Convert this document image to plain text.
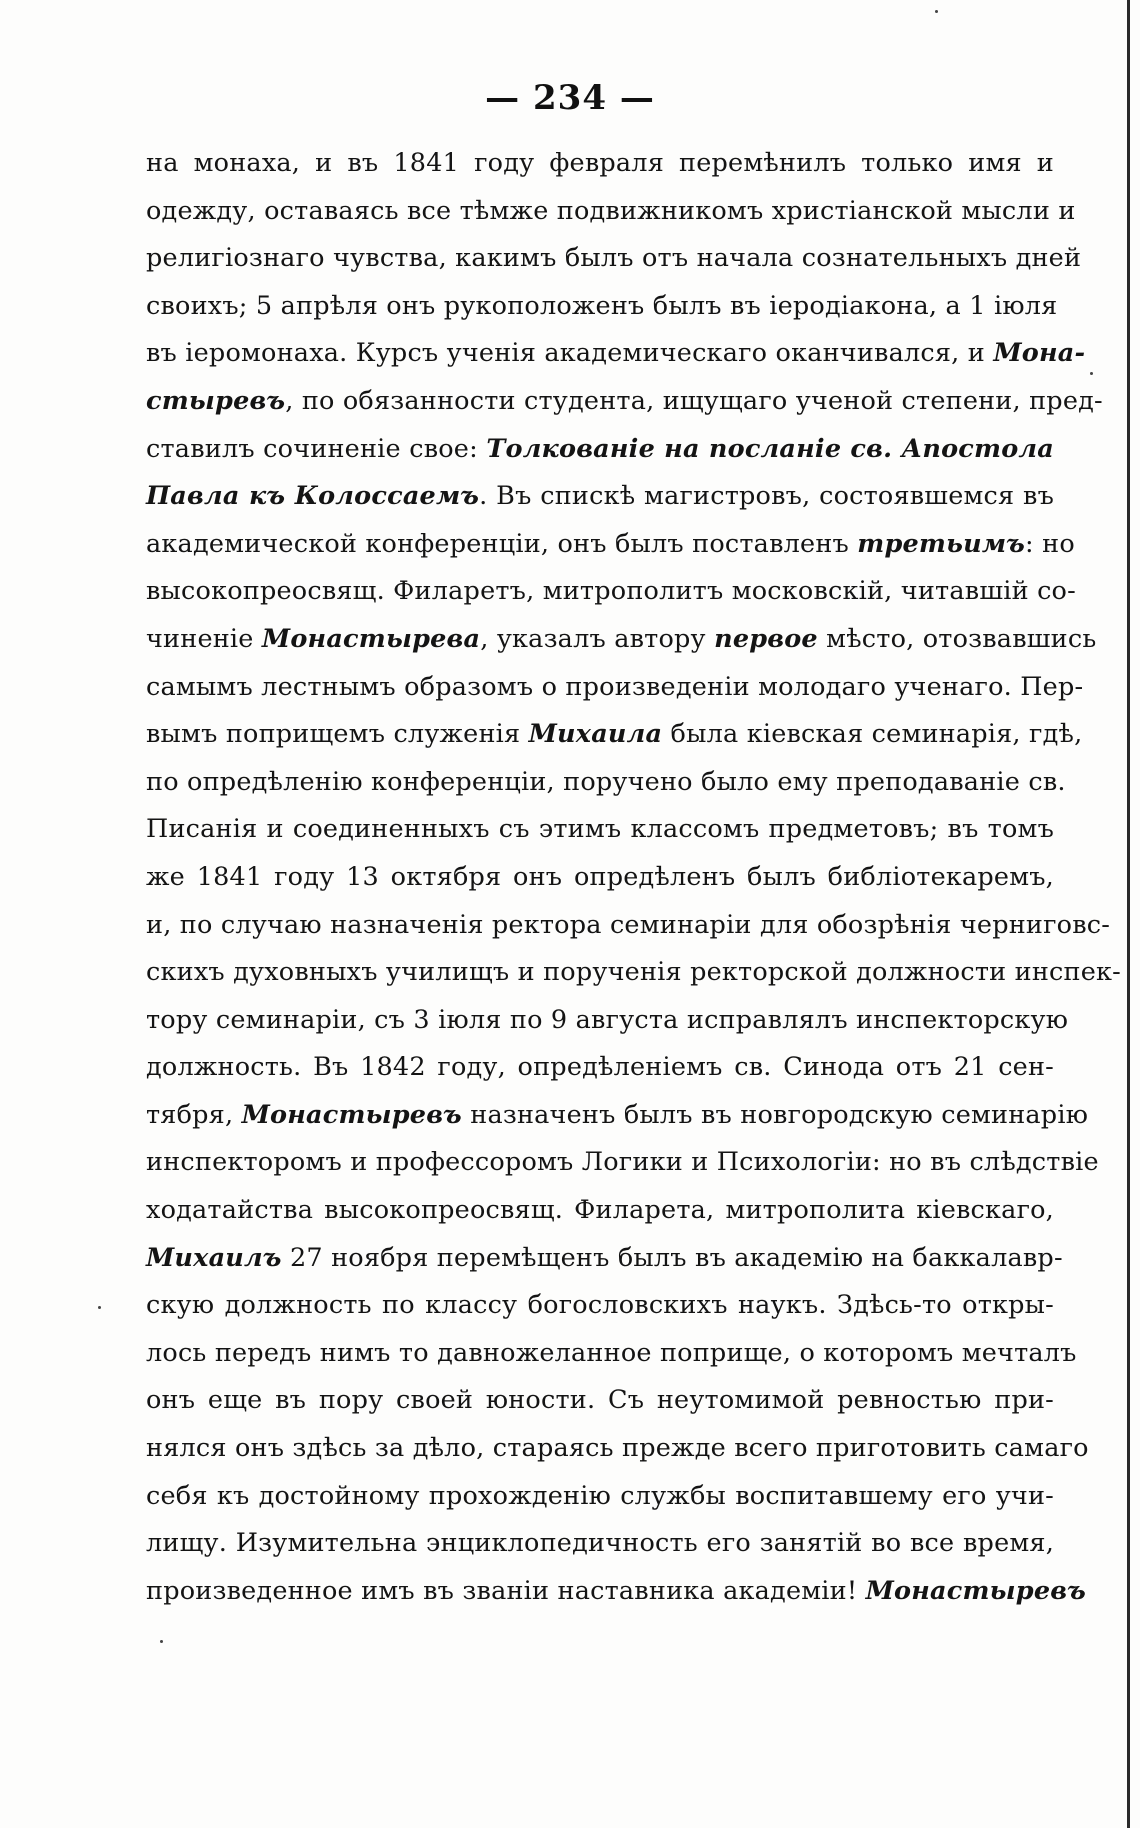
— 234 —
на монаха, и въ 1841 году февраля перемѣнилъ только имя и
одежду, оставаясь все тѣмже подвижникомъ христіанской мысли и
религіознаго чувства, какимъ былъ отъ начала сознательныхъ дней
своихъ; 5 апрѣля онъ рукоположенъ былъ въ іеродіакона, а 1 іюля
въ іеромонаха. Курсъ ученія академическаго оканчивался, и Мона-
стыревъ, по обязанности студента, ищущаго ученой степени, пред-
ставилъ сочиненіе свое: Толкованіе на посланіе св. Апостола
Павла къ Колоссаемъ. Въ спискѣ магистровъ, состоявшемся въ
академической конференціи, онъ былъ поставленъ третьимъ: но
высокопреосвящ. Филаретъ, митрополитъ московскій, читавшій со-
чиненіе Монастырева, указалъ автору первое мѣсто, отозвавшись
самымъ лестнымъ образомъ о произведеніи молодаго ученаго. Пер-
вымъ поприщемъ служенія Михаила была кіевская семинарія, гдѣ,
по опредѣленію конференціи, поручено было ему преподаваніе св.
Писанія и соединенныхъ съ этимъ классомъ предметовъ; въ томъ
же 1841 году 13 октября онъ опредѣленъ былъ библіотекаремъ,
и, по случаю назначенія ректора семинаріи для обозрѣнія черниговс-
скихъ духовныхъ училищъ и порученія ректорской должности инспек-
тору семинаріи, съ 3 іюля по 9 августа исправлялъ инспекторскую
должность. Въ 1842 году, опредѣленіемъ св. Синода отъ 21 сен-
тября, Монастыревъ назначенъ былъ въ новгородскую семинарію
инспекторомъ и профессоромъ Логики и Психологіи: но въ слѣдствіе
ходатайства высокопреосвящ. Филарета, митрополита кіевскаго,
Михаилъ 27 ноября перемѣщенъ былъ въ академію на баккалавр-
скую должность по классу богословскихъ наукъ. Здѣсь-то откры-
лось передъ нимъ то давножеланное поприще, о которомъ мечталъ
онъ еще въ пору своей юности. Съ неутомимой ревностью при-
нялся онъ здѣсь за дѣло, стараясь прежде всего приготовить самаго
себя къ достойному прохожденію службы воспитавшему его учи-
лищу. Изумительна энциклопедичность его занятій во все время,
произведенное имъ въ званіи наставника академіи! Монастыревъ
